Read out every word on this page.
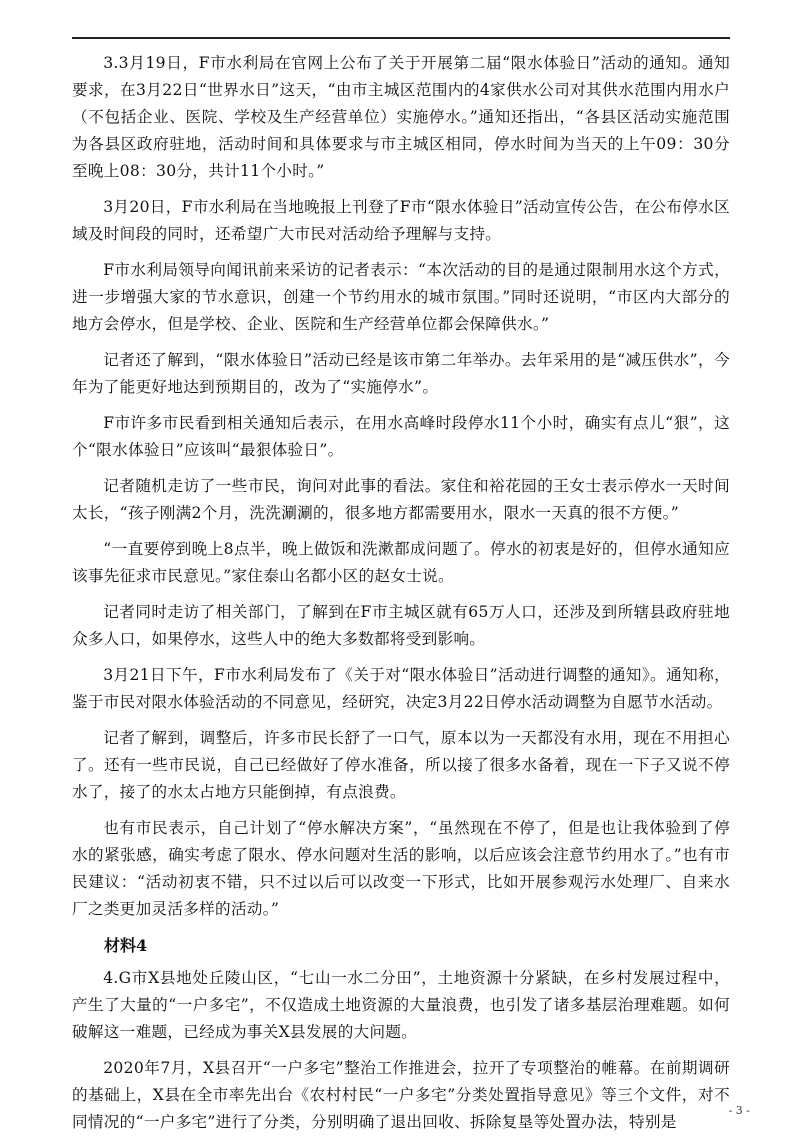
3.3月19日，F市水利局在官网上公布了关于开展第二届“限水体验日”活动的通知。通知要求，在3月22日“世界水日”这天，“由市主城区范围内的4家供水公司对其供水范围内用水户（不包括企业、医院、学校及生产经营单位）实施停水。”通知还指出，“各县区活动实施范围为各县区政府驻地，活动时间和具体要求与市主城区相同，停水时间为当天的上午09：30分至晚上08：30分，共计11个小时。”

3月20日，F市水利局在当地晚报上刊登了F市“限水体验日”活动宣传公告，在公布停水区域及时间段的同时，还希望广大市民对活动给予理解与支持。

F市水利局领导向闻讯前来采访的记者表示：“本次活动的目的是通过限制用水这个方式，进一步增强大家的节水意识，创建一个节约用水的城市氛围。”同时还说明，“市区内大部分的地方会停水，但是学校、企业、医院和生产经营单位都会保障供水。”

记者还了解到，“限水体验日”活动已经是该市第二年举办。去年采用的是“减压供水”，今年为了能更好地达到预期目的，改为了“实施停水”。

F市许多市民看到相关通知后表示，在用水高峰时段停水11个小时，确实有点儿“狠”，这个“限水体验日”应该叫“最狠体验日”。

记者随机走访了一些市民，询问对此事的看法。家住和裕花园的王女士表示停水一天时间太长，“孩子刚满2个月，洗洗涮涮的，很多地方都需要用水，限水一天真的很不方便。”

“一直要停到晚上8点半，晚上做饭和洗漱都成问题了。停水的初衷是好的，但停水通知应该事先征求市民意见。”家住泰山名都小区的赵女士说。

记者同时走访了相关部门，了解到在F市主城区就有65万人口，还涉及到所辖县政府驻地众多人口，如果停水，这些人中的绝大多数都将受到影响。

3月21日下午，F市水利局发布了《关于对“限水体验日”活动进行调整的通知》。通知称，鉴于市民对限水体验活动的不同意见，经研究，决定3月22日停水活动调整为自愿节水活动。

记者了解到，调整后，许多市民长舒了一口气，原本以为一天都没有水用，现在不用担心了。还有一些市民说，自己已经做好了停水准备，所以接了很多水备着，现在一下子又说不停水了，接了的水太占地方只能倒掉，有点浪费。

也有市民表示，自己计划了“停水解决方案”，“虽然现在不停了，但是也让我体验到了停水的紧张感，确实考虑了限水、停水问题对生活的影响，以后应该会注意节约用水了。”也有市民建议：“活动初衷不错，只不过以后可以改变一下形式，比如开展参观污水处理厂、自来水厂之类更加灵活多样的活动。”

材料4

4.G市X县地处丘陵山区，“七山一水二分田”，土地资源十分紧缺，在乡村发展过程中，产生了大量的“一户多宅”，不仅造成土地资源的大量浪费，也引发了诸多基层治理难题。如何破解这一难题，已经成为事关X县发展的大问题。

2020年7月，X县召开“一户多宅”整治工作推进会，拉开了专项整治的帷幕。在前期调研的基础上，X县在全市率先出台《农村村民“一户多宅”分类处置指导意见》等三个文件，对不同情况的“一户多宅”进行了分类，分别明确了退出回收、拆除复垦等处置办法，特别是

- 3 -
